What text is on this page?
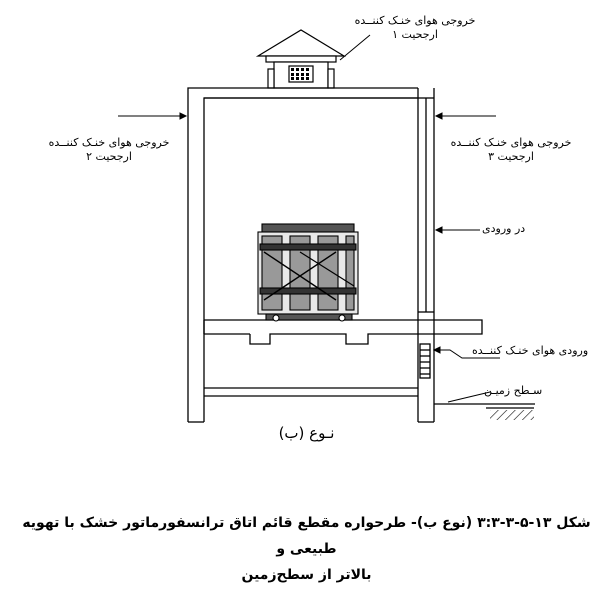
خروجی هوای خنـک کننــده
ارجحیت ۱
خروجی هوای خنـک کننــده
ارجحیت ۲
خروجی هوای خنـک کننــده
ارجحیت ۳
در ورودی
ورودی هوای خنـک کننــده
سـطح زمیـن
نـوع (ب)
شکل ۱۳-۵-۳-۳:۳ (نوع ب)- طرحواره مقطع قائم اتاق ترانسفورماتور خشک با تهویه طبیعی و
بالاتر از سطح‌زمین
